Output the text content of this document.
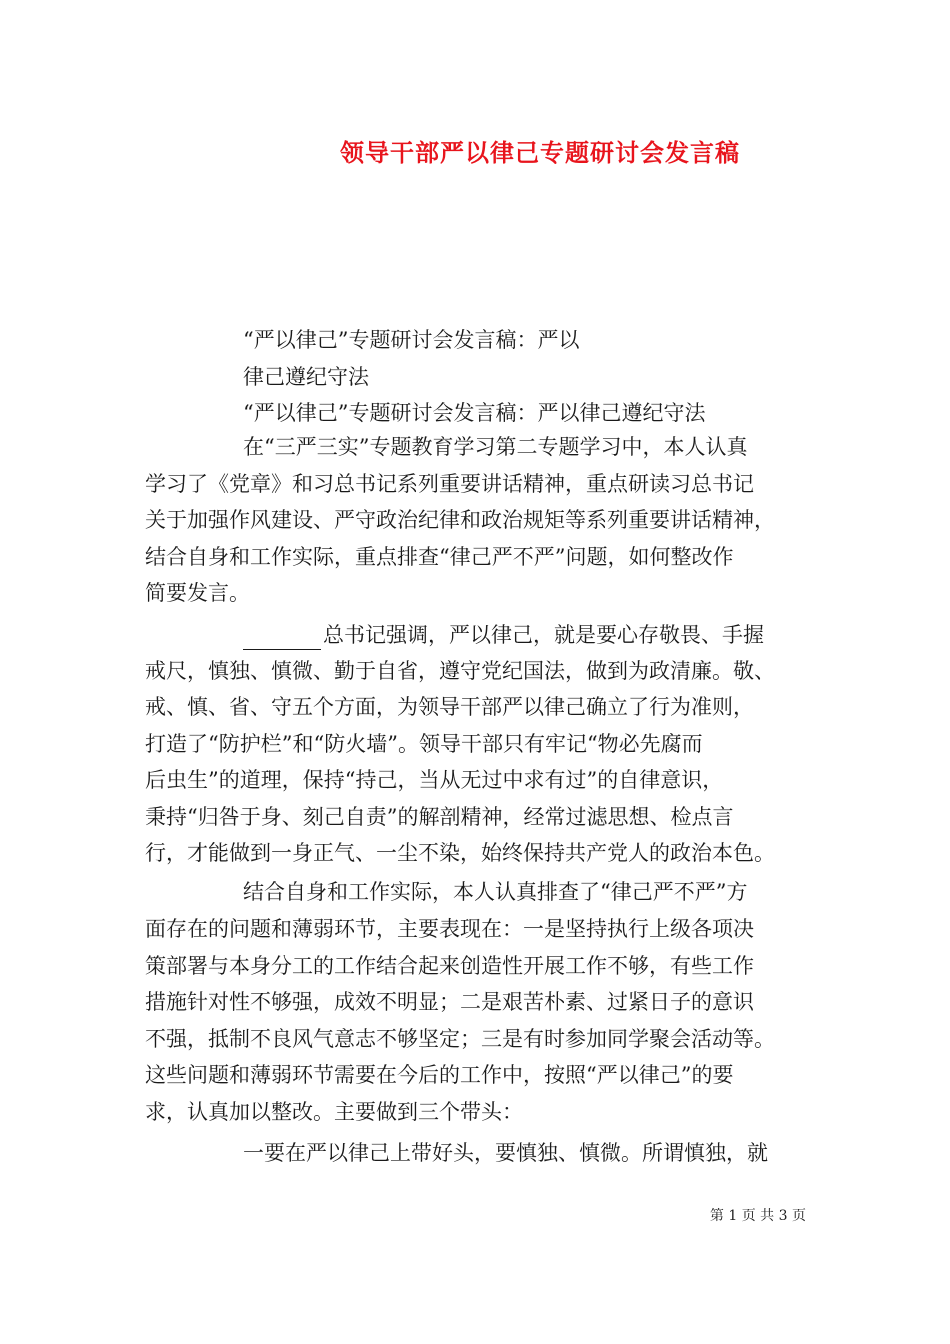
领导干部严以律己专题研讨会发言稿
“严以律己”专题研讨会发言稿：严以
律己遵纪守法
“严以律己”专题研讨会发言稿：严以律己遵纪守法
在“三严三实”专题教育学习第二专题学习中，本人认真
学习了《党章》和习总书记系列重要讲话精神，重点研读习总书记
关于加强作风建设、严守政治纪律和政治规矩等系列重要讲话精神，
结合自身和工作实际，重点排查“律己严不严”问题，如何整改作
简要发言。
总书记强调，严以律己，就是要心存敬畏、手握
戒尺，慎独、慎微、勤于自省，遵守党纪国法，做到为政清廉。敬、
戒、慎、省、守五个方面，为领导干部严以律己确立了行为准则，
打造了“防护栏”和“防火墙”。领导干部只有牢记“物必先腐而
后虫生”的道理，保持“持己，当从无过中求有过”的自律意识，
秉持“归咎于身、刻己自责”的解剖精神，经常过滤思想、检点言
行，才能做到一身正气、一尘不染，始终保持共产党人的政治本色。
结合自身和工作实际，本人认真排查了“律己严不严”方
面存在的问题和薄弱环节，主要表现在：一是坚持执行上级各项决
策部署与本身分工的工作结合起来创造性开展工作不够，有些工作
措施针对性不够强，成效不明显；二是艰苦朴素、过紧日子的意识
不强，抵制不良风气意志不够坚定；三是有时参加同学聚会活动等。
这些问题和薄弱环节需要在今后的工作中，按照“严以律己”的要
求，认真加以整改。主要做到三个带头：
一要在严以律己上带好头，要慎独、慎微。所谓慎独，就
第 1 页 共 3 页
